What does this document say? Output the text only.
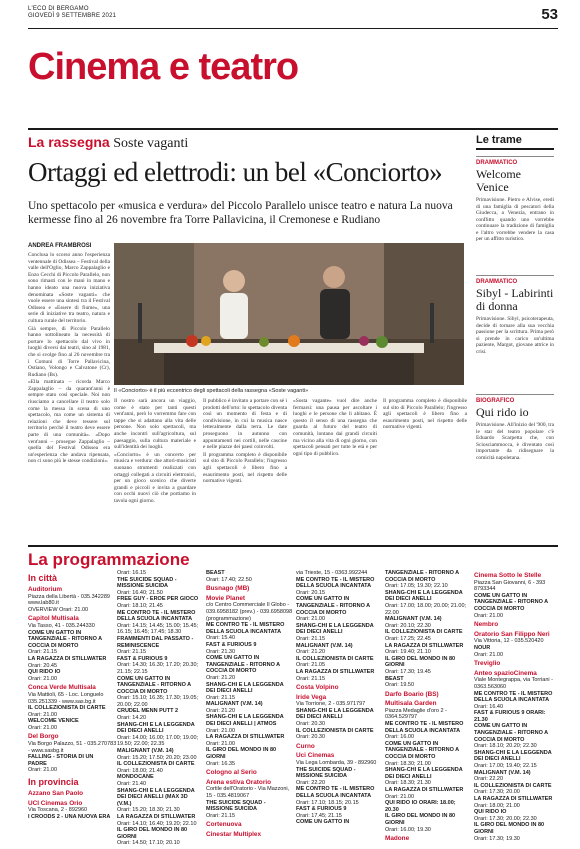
L'ECO DI BERGAMO
GIOVEDÌ 9 SETTEMBRE 2021	53
Cinema e teatro
La rassegna Soste vaganti
Ortaggi ed elettrodi: un bel «Conciorto»
Uno spettacolo per «musica e verdura» del Piccolo Parallelo unisce teatro e natura La nuova kermesse fino al 26 novembre fra Torre Pallavicina, il Cremonese e Rudiano
ANDREA FRAMBROSI

Conclusa lo scorso anno l'esperienza ventennale di Odissea – Festival della valle dell'Oglio, Marco Zappalaglio e Enzo Cecchi di Piccolo Parallelo, non sono rimasti con le mani in mano e hanno ideato una nuova iniziativa denominata «Soste vaganti» che vuole essere una sintesi tra il Festival Odissea e «Essere di fiume», una serie di iniziative tra teatro, natura e cultura rurale del territorio.

Già sempre, di Piccolo Parallelo hanno sottolineato la necessità di portare lo spettacolo dal vivo in luoghi diversi dai teatri, sino al 1981, che si svolge fino al 26 novembre tra i Comuni di Torre Pallavicina, Ostiano, Volongo e Calvatone (Cr), Rudiano (Bs).

«Ella mattinata – ricorda Marco Zappalaglio – da quarant'anni è sempre stato così speciale. Noi non riusciamo a cancellare il teatro solo come la messa in scena di uno spettacolo, ma come un sistema di relazioni che deve tessere sul territorio perché il teatro deve essere parte di una comunità». «Dopo vent'anni – prosegue Zappalaglio – quella del Festival Odissea era un'esperienza che andava ripensata, non ci sono più le stesse condizioni».

Il «Conciorto» è il più eccentrico degli spettacoli della rassegna «Soste vaganti»

Il nostro sarà ancora un viaggio, come è stato per tanti questi vent'anni, però lo vorremmo fare con tappe che si adattano alla vita delle persone. Non solo spettacoli, ma anche incontri sull'agricoltura, sul paesaggio, sulla cultura materiale e sull'identità dei luoghi.

«Conciorto» è un concerto per musica e verdura: due attori-musicisti suonano strumenti realizzati con ortaggi collegati a circuiti elettronici, per un gioco scenico che diverte grandi e piccoli e invita a guardare con occhi nuovi ciò che portiamo in tavola ogni giorno.

Il pubblico è invitato a portare con sé i prodotti dell'orto: lo spettacolo diventa così un momento di festa e di condivisione, in cui la musica nasce letteralmente dalla terra. Le date proseguono in autunno con appuntamenti nei cortili, nelle cascine e nelle piazze dei paesi coinvolti.

Il programma completo è disponibile sul sito di Piccolo Parallelo; l'ingresso agli spettacoli è libero fino a esaurimento posti, nel rispetto delle normative vigenti.

«Sosta vagante» vuol dire anche fermarsi: una pausa per ascoltare i luoghi e le persone che li abitano. È questo il senso di una rassegna che guarda al futuro del teatro di comunità, lontano dai grandi circuiti ma vicino alla vita di ogni giorno, con spettacoli pensati per tutte le età e per ogni tipo di pubblico.

Il programma completo è disponibile sul sito di Piccolo Parallelo; l'ingresso agli spettacoli è libero fino a esaurimento posti, nel rispetto delle normative vigenti.

Le trame
DRAMMATICO
Welcome Venice
Primavisione. Pietro e Alvise, eredi di una famiglia di pescatori della Giudecca, a Venezia, entrano in conflitto quando uno vorrebbe continuare la tradizione di famiglia e l'altro vorrebbe vendere la casa per un affitto turistico.
DRAMMATICO
Sibyl - Labirinti di donna
Primavisione. Sibyl, psicoterapeuta, decide di tornare alla sua vecchia passione per la scrittura. Prima però si prende in carico un'ultima paziente, Margot, giovane attrice in crisi.
BIOGRAFICO
Qui rido io
Primavisione. All'inizio del '900, tra le star del teatro popolare c'è Eduardo Scarpetta che, con Sciosciammocca, è diventato così importante da ridisegnare la comicità napoletana.
La programmazione
In città
Auditorium
Piazza della Libertà - 035.342289
www.lab80.it
OVERVIEW Orari: 21.00
Capitol Multisala
Via Tasso, 41 - 035.244330
COME UN GATTO IN TANGENZIALE - RITORNO A COCCIA DI MORTO
Orari: 21.15
LA RAGAZZA DI STILLWATER
Orari: 20.45
QUI RIDO IO
Orari: 21.00
Conca Verde Multisala
Via Mattioli, 65 - Loc. Longuelo
035.251339 - www.sas.bg.it
IL COLLEZIONISTA DI CARTE
Orari: 21.00
WELCOME VENICE
Orari: 21.00
Del Borgo
Via Borgo Palazzo, 51 - 035.270783
- www.sasbg.it
FALLING - STORIA DI UN PADRE
Orari: 21.00
In provincia
Azzano San Paolo
UCI Cinemas Orio
Via Toscana, 2 - 892960
I CROODS 2 - UNA NUOVA ERA
Orari: 16.15
THE SUICIDE SQUAD - MISSIONE SUICIDA
Orari: 16.40; 21.50
FREE GUY - EROE PER GIOCO
Orari: 18.10; 21.45
ME CONTRO TE - IL MISTERO DELLA SCUOLA INCANTATA
Orari: 14.15; 14.45; 15.00; 15.45;
16.15; 16.45; 17.45; 18.30
FRAMMENTI DAL PASSATO - REMINISCENCE
Orari: 21.15
FAST & FURIOUS 9
Orari: 14.30; 16.30; 17.20; 20.30;
21.15; 22.15
COME UN GATTO IN TANGENZIALE - RITORNO A COCCIA DI MORTO
Orari: 15.10; 16.35; 17.30; 19.05;
20.00; 22.00
CRUDEL MENN PUTT 2
Orari: 14.20
SHANG-CHI E LA LEGGENDA DEI DIECI ANELLI
Orari: 14.00; 16.00; 17.00; 19.00;
19.50; 22.00; 22.35
MALIGNANT (V.M. 14)
Orari: 15.20; 17.50; 20.20; 23.00
IL COLLEZIONISTA DI CARTE
Orari: 18.00; 21.40
MONDOCANE
Orari: 21.40
SHANG-CHI E LA LEGGENDA DEI DIECI ANELLI (MAX 3D (V.M.)
Orari: 15.20; 18.30; 21.30
LA RAGAZZA DI STILLWATER
Orari: 14.10; 16.40; 19.20; 22.10
IL GIRO DEL MONDO IN 80 GIORNI
Orari: 14.50; 17.10; 20.10
BEAST
Orari: 17.40; 22.50
Busnago (MB)
Movie Planet
c/o Centro Commerciale Il Globo -
039.6958182 (prev.) - 039.6958098
(programmazione)
ME CONTRO TE - IL MISTERO DELLA SCUOLA INCANTATA
Orari: 15.40
FAST & FURIOUS 9
Orari: 21.30
COME UN GATTO IN TANGENZIALE - RITORNO A COCCIA DI MORTO
Orari: 21.20
SHANG-CHI E LA LEGGENDA DEI DIECI ANELLI
Orari: 21.15
MALIGNANT (V.M. 14)
Orari: 21.20
SHANG-CHI E LA LEGGENDA DEI DIECI ANELLI | ATMOS
Orari: 21.00
LA RAGAZZA DI STILLWATER
Orari: 21.00
IL GIRO DEL MONDO IN 80 GIORNI
Orari: 16.35
Cologno al Serio
Arena estiva Oratorio
Cortile dell'Oratorio - Via Mazzoni,
15 - 035.4819067
THE SUICIDE SQUAD - MISSIONE SUICIDA
Orari: 21.15
Cortenuova
Cinestar Multiplex
via Trieste, 15 - 0363.992244
ME CONTRO TE - IL MISTERO DELLA SCUOLA INCANTATA
Orari: 20.15
COME UN GATTO IN TANGENZIALE - RITORNO A COCCIA DI MORTO
Orari: 21.00
SHANG-CHI E LA LEGGENDA DEI DIECI ANELLI
Orari: 21.15
MALIGNANT (V.M. 14)
Orari: 21.20
IL COLLEZIONISTA DI CARTE
Orari: 21.05
LA RAGAZZA DI STILLWATER
Orari: 21.15
Costa Volpino
Iride Vega
Via Torrione, 2 - 035.971797
SHANG-CHI E LA LEGGENDA DEI DIECI ANELLI
Orari: 20.30
IL COLLEZIONISTA DI CARTE
Orari: 20.30
Curno
Uci Cinemas
Via Lega Lombarda, 39 - 892960
THE SUICIDE SQUAD - MISSIONE SUICIDA
Orari: 22.20
ME CONTRO TE - IL MISTERO DELLA SCUOLA INCANTATA
Orari: 17.10; 18.15; 20.15
FAST & FURIOUS 9
Orari: 17.45; 21.15
COME UN GATTO IN
TANGENZIALE - RITORNO A COCCIA DI MORTO
Orari: 17.05; 19.30; 22.10
SHANG-CHI E LA LEGGENDA DEI DIECI ANELLI
Orari: 17.00; 18.00; 20.00; 21.00;
22.00
MALIGNANT (V.M. 14)
Orari: 20.10; 22.30
IL COLLEZIONISTA DI CARTE
Orari: 17.25; 22.45
LA RAGAZZA DI STILLWATER
Orari: 19.40; 21.10
IL GIRO DEL MONDO IN 80 GIORNI
Orari: 17.30; 19.45
BEAST
Orari: 19.50
Darfo Boario (BS)
Multisala Garden
Piazza Medaglie d'oro 2 -
0364.529797
ME CONTRO TE - IL MISTERO DELLA SCUOLA INCANTATA
Orari: 16.00
COME UN GATTO IN TANGENZIALE - RITORNO A COCCIA DI MORTO
Orari: 18.30; 21.00
SHANG-CHI E LA LEGGENDA DEI DIECI ANELLI
Orari: 18.30; 21.30
LA RAGAZZA DI STILLWATER
Orari: 21.00
QUI RIDO IO ORARI: 18.00; 20.30
IL GIRO DEL MONDO IN 80 GIORNI
Orari: 16.00; 19.30
Madone
Cinema Sotto le Stelle
Piazza San Giovanni, 6 - 393
8793344
COME UN GATTO IN TANGENZIALE - RITORNO A COCCIA DI MORTO
Orari: 21.00
Nembro
Oratorio San Filippo Neri
Via Vittoria, 12 - 035.520420
NOUR
Orari: 21.00
Treviglio
Anteo spazioCinema
Viale Montegrappa, via Torriani -
0363.563060
ME CONTRO TE - IL MISTERO DELLA SCUOLA INCANTATA
Orari: 16.40
FAST & FURIOUS 9 ORARI: 21.30
COME UN GATTO IN TANGENZIALE - RITORNO A COCCIA DI MORTO
Orari: 18.10; 20.20; 22.30
SHANG-CHI E LA LEGGENDA DEI DIECI ANELLI
Orari: 17.00; 19.40; 22.15
MALIGNANT (V.M. 14)
Orari: 22.20
IL COLLEZIONISTA DI CARTE
Orari: 17.30; 20.00
LA RAGAZZA DI STILLWATER
Orari: 18.00; 21.00
QUI RIDO IO
Orari: 17.30; 20.00; 22.30
IL GIRO DEL MONDO IN 80 GIORNI
Orari: 17.30; 19.30
